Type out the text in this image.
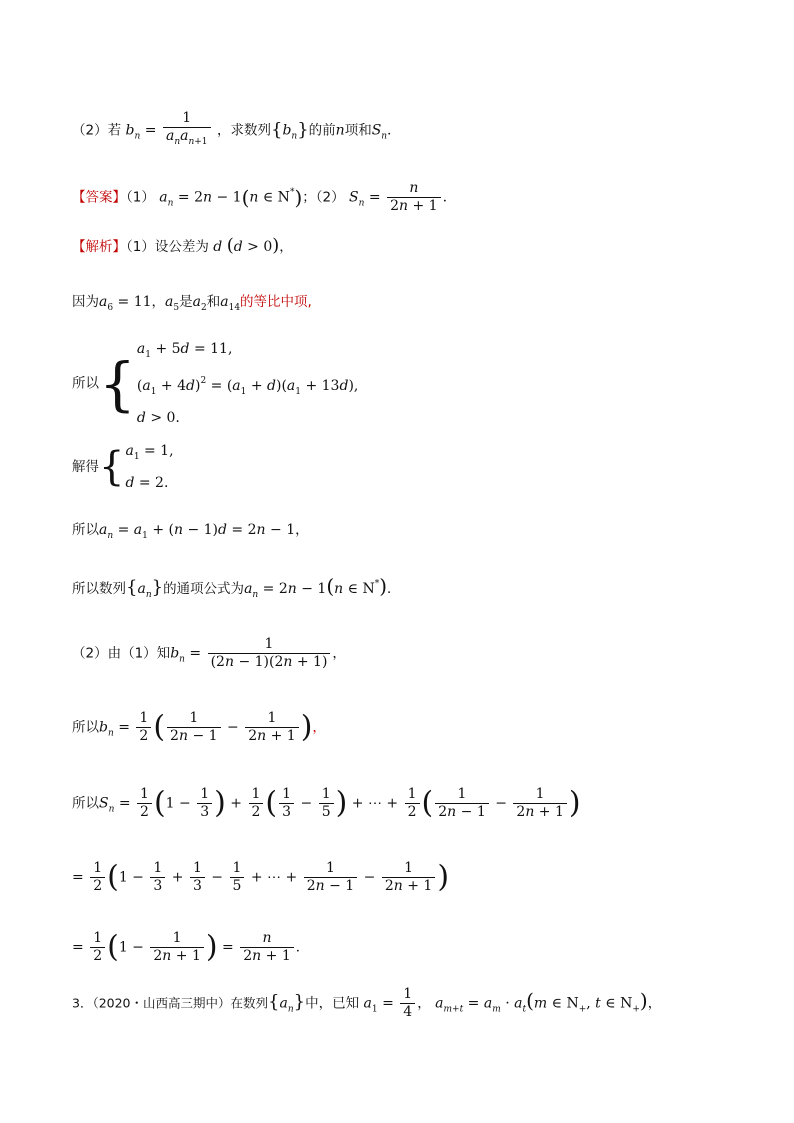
（2）若 $b_n = \frac{1}{a_na_{n+1}}$ ，求数列$\{b_n\}$的前n项和$S_n$．
【答案】（1） $a_n = 2n - 1(n$ ∈ N*)；（2） $S_n = \frac{n}{2n + 1}$ .
【解析】（1）设公差为 d (d > 0)，
因为$a_6 = 11$，$a_5$是$a_2$和$a_{14}$的等比中项,
所以{
$a_1 + 5d = 11$,
$(a_1 + 4d)^2 = (a_1 + d)(a_1 + 13d)$,
d > 0.
解得{ $a_1 = 1$,
d = 2.
所以$a_n = a_1 + (n - 1)d = 2n - 1$，
所以数列$\{a_n\}$的通项公式为$a_n = 2n - 1(n$ ∈ N*)．
（2）由（1）知$b_n = \frac{1}{(2n - 1)(2n + 1)}$ ，
所以$b_n = \frac{1}{2}$ ( $\frac{1}{2n - 1} - \frac{1}{2n + 1}$ )，
所以$S_n = \frac{1}{2} (1 - \frac{1}{3}$ ) + $\frac{1}{2}$ ( $\frac{1}{3} - \frac{1}{5}$ ) + ⋯ + $\frac{1}{2}$ ( $\frac{1}{2n - 1} - \frac{1}{2n + 1}$ )
= $\frac{1}{2} (1 - \frac{1}{3} + \frac{1}{3} - \frac{1}{5}$ + ⋯ + $\frac{1}{2n - 1} - \frac{1}{2n + 1}$ )
= $\frac{1}{2} (1 - \frac{1}{2n + 1}$ ) = $\frac{n}{2n + 1}$ ．
3．（2020・山西高三期中）在数列$\{a_n\}$中，已知 $a_1 = \frac{1}{4}$ ， $a_{m+t} = a_m \cdot a_t(m$ ∈ $N_+$, t ∈ $N_+$)，
